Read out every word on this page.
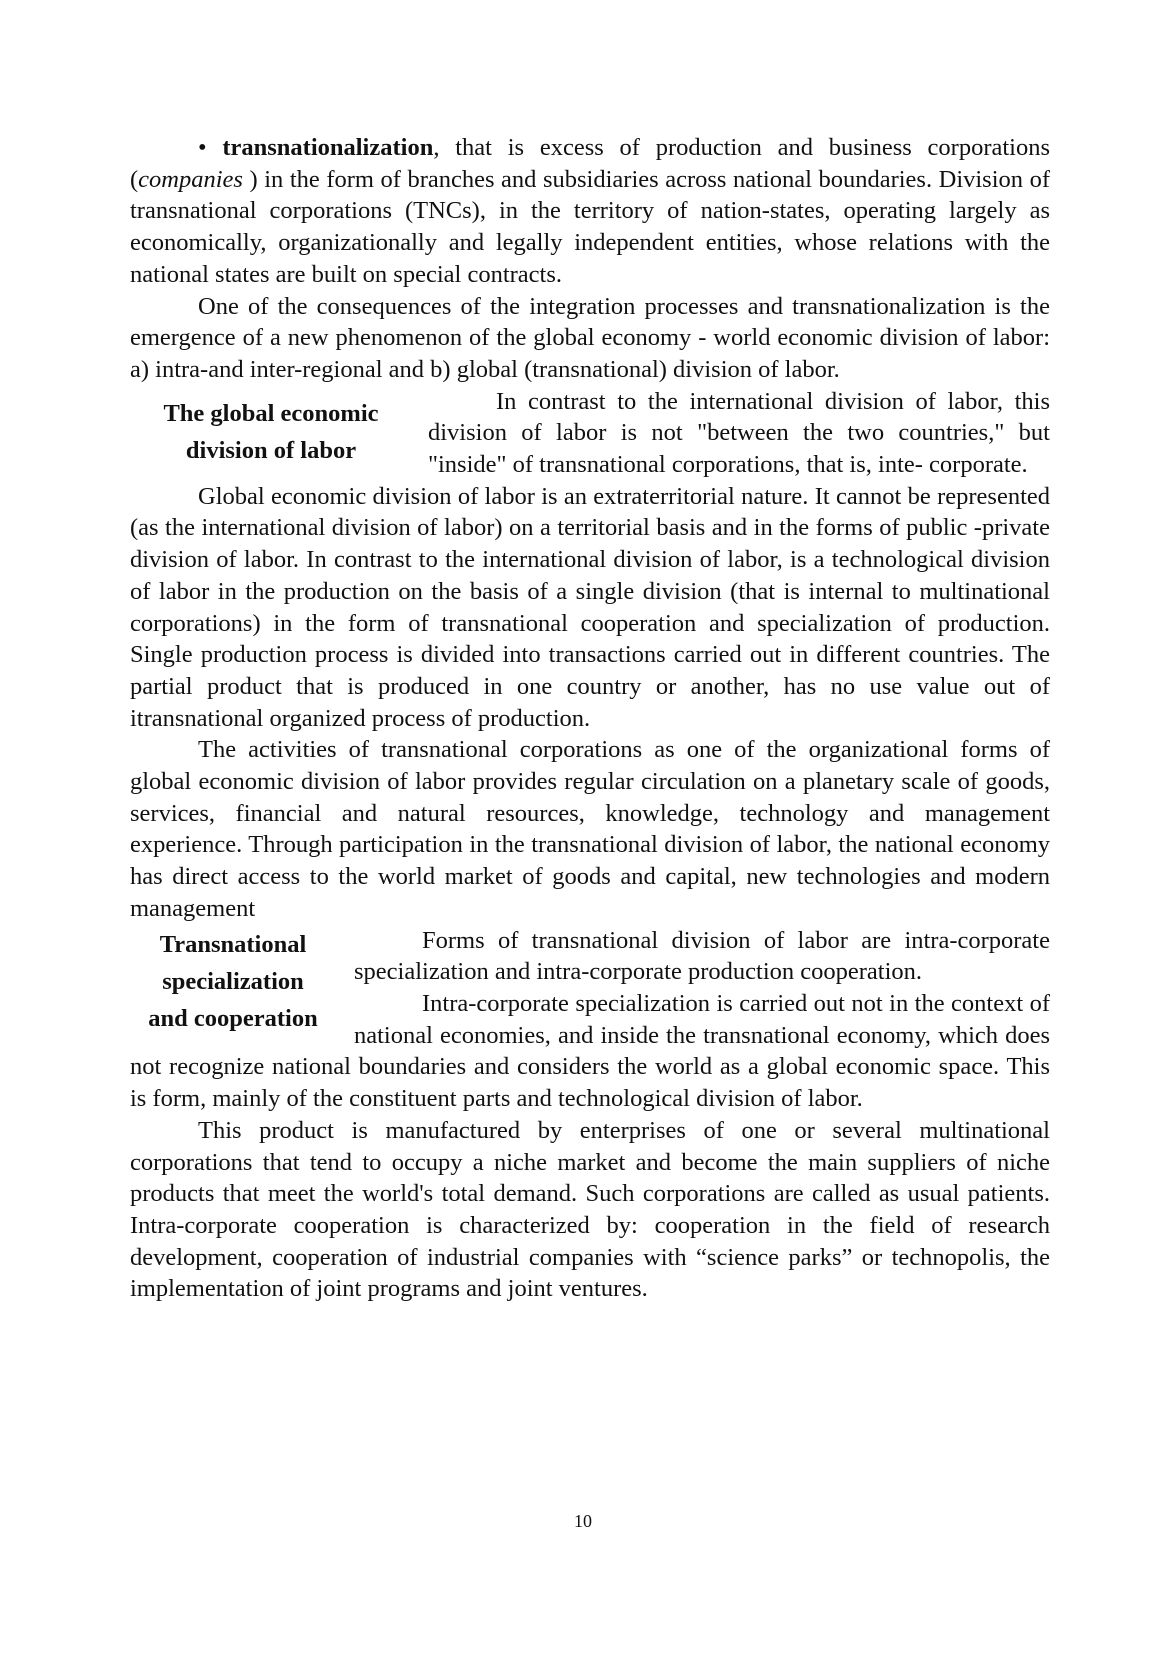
• transnationalization, that is excess of production and business corporations (companies ) in the form of branches and subsidiaries across national boundaries. Division of transnational corporations (TNCs), in the territory of nation-states, operating largely as economically, organizationally and legally independent entities, whose relations with the national states are built on special contracts.

One of the consequences of the integration processes and transnationalization is the emergence of a new phenomenon of the global economy - world economic division of labor: a) intra-and inter-regional and b) global (transnational) division of labor.

The global economic
division of labor

In contrast to the international division of labor, this division of labor is not "between the two countries," but "inside" of transnational corporations, that is, inte- corporate.

Global economic division of labor is an extraterritorial nature. It cannot be represented (as the international division of labor) on a territorial basis and in the forms of public -private division of labor. In contrast to the international division of labor, is a technological division of labor in the production on the basis of a single division (that is internal to multinational corporations) in the form of transnational cooperation and specialization of production. Single production process is divided into transactions carried out in different countries. The partial product that is produced in one country or another, has no use value out of itransnational organized process of production.

The activities of transnational corporations as one of the organizational forms of global economic division of labor provides regular circulation on a planetary scale of goods, services, financial and natural resources, knowledge, technology and management experience. Through participation in the transnational division of labor, the national economy has direct access to the world market of goods and capital, new technologies and modern management

Transnational
specialization
and cooperation

Forms of transnational division of labor are intra-corporate specialization and intra-corporate production cooperation.

Intra-corporate specialization is carried out not in the context of national economies, and inside the transnational economy, which does not recognize national boundaries and considers the world as a global economic space. This is form, mainly of the constituent parts and technological division of labor.

This product is manufactured by enterprises of one or several multinational corporations that tend to occupy a niche market and become the main suppliers of niche products that meet the world's total demand. Such corporations are called as usual patients. Intra-corporate cooperation is characterized by: cooperation in the field of research development, cooperation of industrial companies with “science parks” or technopolis, the implementation of joint programs and joint ventures.

10
